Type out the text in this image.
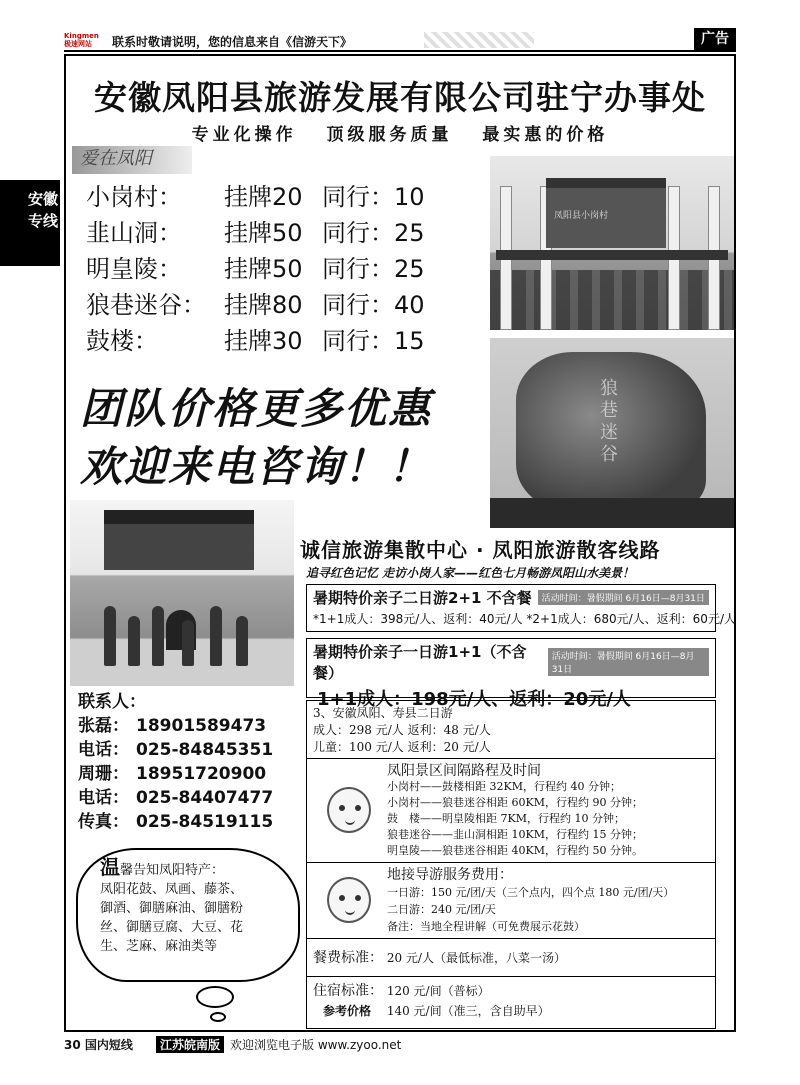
Kingmen 极速网站	联系时敬请说明，您的信息来自《信游天下》	广告
安徽
专线
安徽凤阳县旅游发展有限公司驻宁办事处
专业化操作 顶级服务质量 最实惠的价格
爱在凤阳
小岗村：	挂牌20 同行：10
韭山洞：	挂牌50 同行：25
明皇陵：	挂牌50 同行：25
狼巷迷谷： 挂牌80 同行：40
鼓楼：	挂牌30 同行：15
团队价格更多优惠
欢迎来电咨询！！
凤阳县小岗村
狼巷迷谷
诚信旅游集散中心 · 凤阳旅游散客线路
追寻红色记忆 走访小岗人家——红色七月畅游凤阳山水美景！
暑期特价亲子二日游2+1 不含餐	活动时间：暑假期间 6月16日—8月31日
*1+1成人：398元/人、返利：40元/人 *2+1成人：680元/人、返利：60元/人
暑期特价亲子一日游1+1（不含餐）
活动时间：暑假期间 6月16日—8月31日
1+1成人：198元/人、返利：20元/人
3、安徽凤阳、寿县二日游
成人：298 元/人 返利：48 元/人
儿童：100 元/人 返利：20 元/人
凤阳景区间隔路程及时间
小岗村——鼓楼相距 32KM，行程约 40 分钟；
小岗村——狼巷迷谷相距 60KM，行程约 90 分钟；
鼓　楼——明皇陵相距 7KM，行程约 10 分钟；
狼巷迷谷——韭山洞相距 10KM，行程约 15 分钟；
明皇陵——狼巷迷谷相距 40KM，行程约 50 分钟。
地接导游服务费用：
一日游：150 元/团/天（三个点内，四个点 180 元/团/天）
二日游：240 元/团/天
备注：当地全程讲解（可免费展示花鼓）
餐费标准： 20 元/人（最低标准，八菜一汤）
住宿标准： 120 元/间（普标）
参考价格 140 元/间（准三，含自助早）
联系人：
张磊： 18901589473
电话： 025-84845351
周珊： 18951720900
电话： 025-84407477
传真： 025-84519115
温馨告知凤阳特产：
凤阳花鼓、凤画、藤茶、
御酒、御膳麻油、御膳粉
丝、御膳豆腐、大豆、花
生、芝麻、麻油类等
30 国内短线	江苏皖南版 欢迎浏览电子版 www.zyoo.net
